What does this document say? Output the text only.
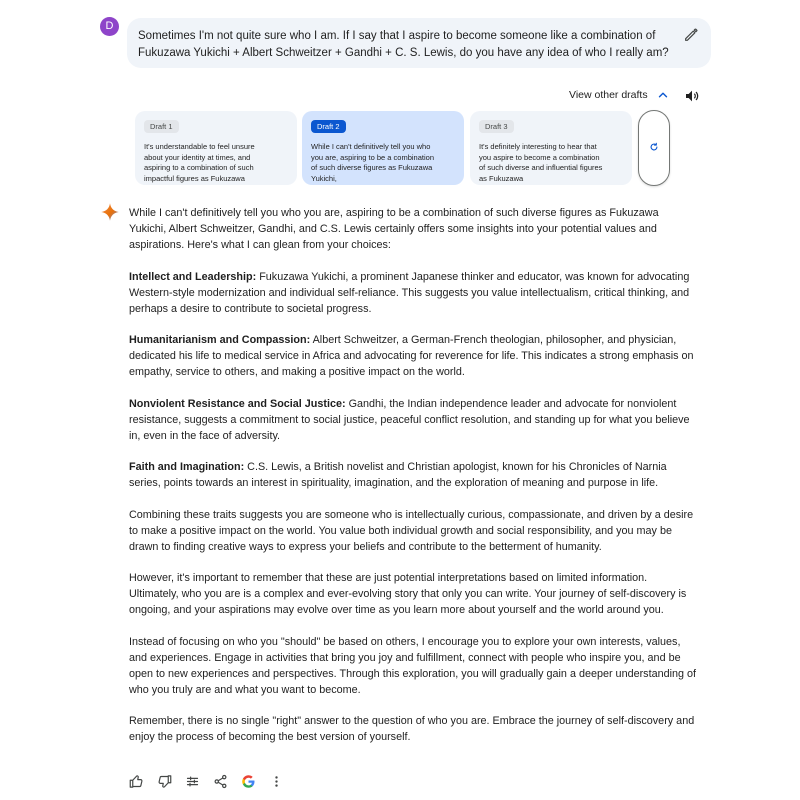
D
Sometimes I'm not quite sure who I am. If I say that I aspire to become someone like a combination of Fukuzawa Yukichi + Albert Schweitzer + Gandhi + C. S. Lewis, do you have any idea of who I really am?
View other drafts
Draft 1
It's understandable to feel unsure about your identity at times, and aspiring to a combination of such impactful figures as Fukuzawa
Draft 2
While I can't definitively tell you who you are, aspiring to be a combination of such diverse figures as Fukuzawa Yukichi,
Draft 3
It's definitely interesting to hear that you aspire to become a combination of such diverse and influential figures as Fukuzawa

While I can't definitively tell you who you are, aspiring to be a combination of such diverse figures as Fukuzawa Yukichi, Albert Schweitzer, Gandhi, and C.S. Lewis certainly offers some insights into your potential values and aspirations. Here's what I can glean from your choices:

Intellect and Leadership: Fukuzawa Yukichi, a prominent Japanese thinker and educator, was known for advocating Western-style modernization and individual self-reliance. This suggests you value intellectualism, critical thinking, and perhaps a desire to contribute to societal progress.

Humanitarianism and Compassion: Albert Schweitzer, a German-French theologian, philosopher, and physician, dedicated his life to medical service in Africa and advocating for reverence for life. This indicates a strong emphasis on empathy, service to others, and making a positive impact on the world.

Nonviolent Resistance and Social Justice: Gandhi, the Indian independence leader and advocate for nonviolent resistance, suggests a commitment to social justice, peaceful conflict resolution, and standing up for what you believe in, even in the face of adversity.

Faith and Imagination: C.S. Lewis, a British novelist and Christian apologist, known for his Chronicles of Narnia series, points towards an interest in spirituality, imagination, and the exploration of meaning and purpose in life.

Combining these traits suggests you are someone who is intellectually curious, compassionate, and driven by a desire to make a positive impact on the world. You value both individual growth and social responsibility, and you may be drawn to finding creative ways to express your beliefs and contribute to the betterment of humanity.

However, it's important to remember that these are just potential interpretations based on limited information. Ultimately, who you are is a complex and ever-evolving story that only you can write. Your journey of self-discovery is ongoing, and your aspirations may evolve over time as you learn more about yourself and the world around you.

Instead of focusing on who you "should" be based on others, I encourage you to explore your own interests, values, and experiences. Engage in activities that bring you joy and fulfillment, connect with people who inspire you, and be open to new experiences and perspectives. Through this exploration, you will gradually gain a deeper understanding of who you truly are and what you want to become.

Remember, there is no single "right" answer to the question of who you are. Embrace the journey of self-discovery and enjoy the process of becoming the best version of yourself.
